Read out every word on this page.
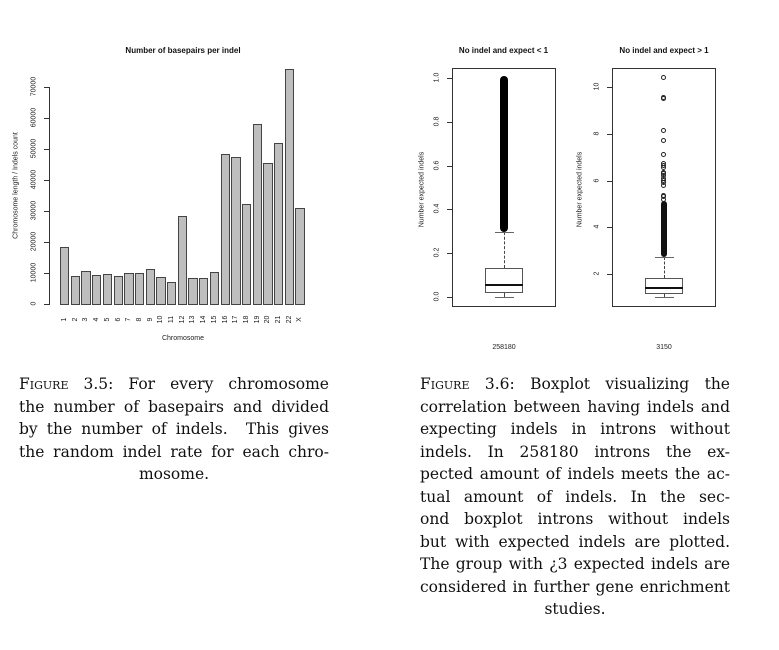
Number of basepairs per indel
Chromosome length / Indels count
0
10000
20000
30000
40000
50000
60000
70000
1 2 3 4 5 6 7 8 9 10 11 12 13 14 15 16 17 18 19 20 21 22 X
Chromosome
No indel and expect < 1
Number expected indels
0.0
0.2
0.4
0.6
0.8
1.0
258180
No indel and expect > 1
Number expected indels
2
4
6
8
10
3150
Figure 3.5: For every chromosome
the number of basepairs and divided
by the number of indels.  This gives
the random indel rate for each chro-
mosome.
Figure 3.6: Boxplot visualizing the
correlation between having indels and
expecting indels in introns without
indels. In 258180 introns the ex-
pected amount of indels meets the ac-
tual amount of indels. In the sec-
ond boxplot introns without indels
but with expected indels are plotted.
The group with ¿3 expected indels are
considered in further gene enrichment
studies.
